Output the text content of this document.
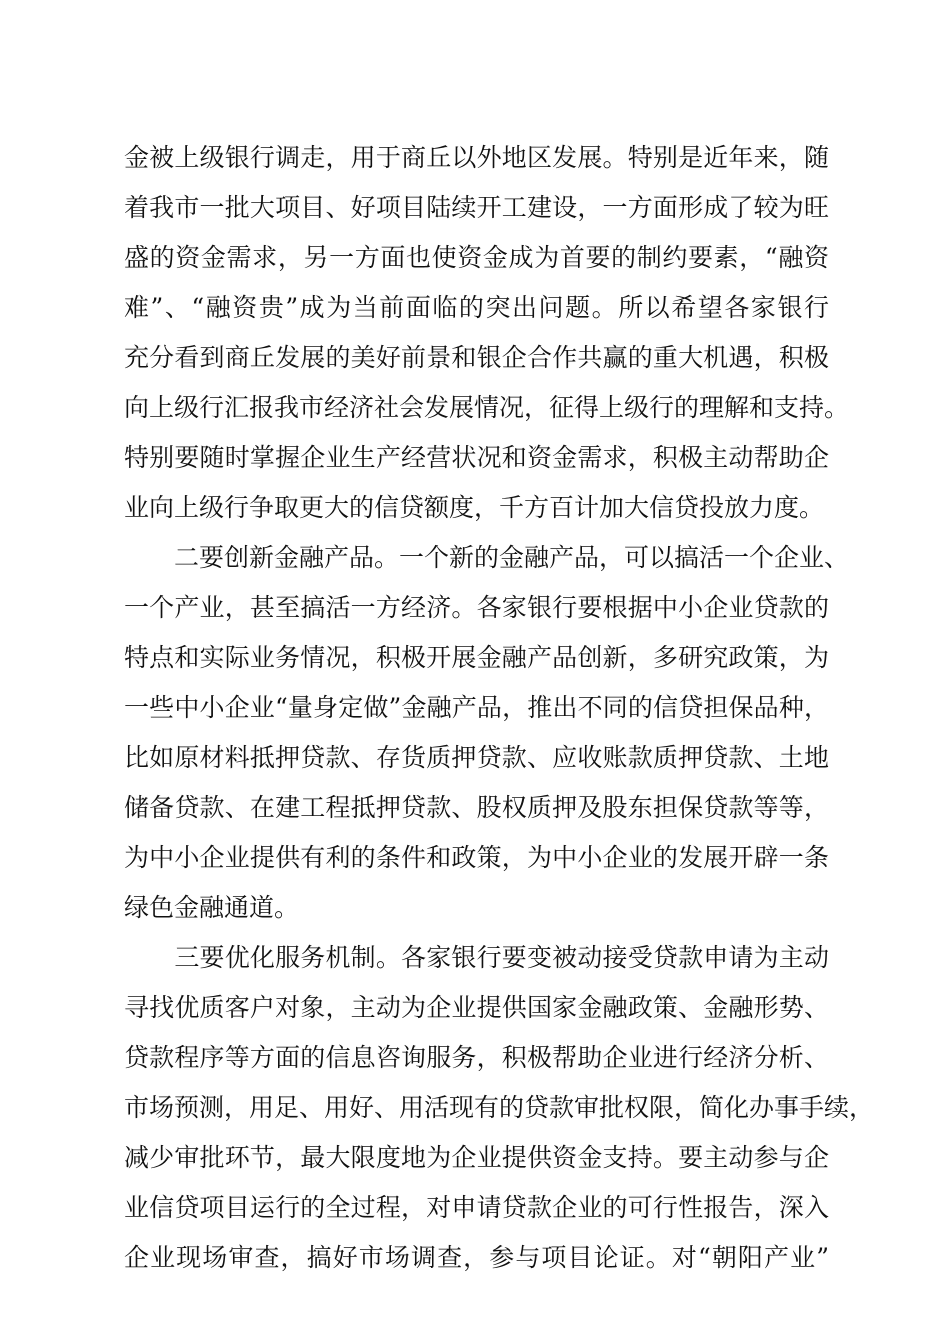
金被上级银行调走，用于商丘以外地区发展。特别是近年来，随
着我市一批大项目、好项目陆续开工建设，一方面形成了较为旺
盛的资金需求，另一方面也使资金成为首要的制约要素，“融资
难”、“融资贵”成为当前面临的突出问题。所以希望各家银行
充分看到商丘发展的美好前景和银企合作共赢的重大机遇，积极
向上级行汇报我市经济社会发展情况，征得上级行的理解和支持。
特别要随时掌握企业生产经营状况和资金需求，积极主动帮助企
业向上级行争取更大的信贷额度，千方百计加大信贷投放力度。
　　二要创新金融产品。一个新的金融产品，可以搞活一个企业、
一个产业，甚至搞活一方经济。各家银行要根据中小企业贷款的
特点和实际业务情况，积极开展金融产品创新，多研究政策，为
一些中小企业“量身定做”金融产品，推出不同的信贷担保品种，
比如原材料抵押贷款、存货质押贷款、应收账款质押贷款、土地
储备贷款、在建工程抵押贷款、股权质押及股东担保贷款等等，
为中小企业提供有利的条件和政策，为中小企业的发展开辟一条
绿色金融通道。
　　三要优化服务机制。各家银行要变被动接受贷款申请为主动
寻找优质客户对象，主动为企业提供国家金融政策、金融形势、
贷款程序等方面的信息咨询服务，积极帮助企业进行经济分析、
市场预测，用足、用好、用活现有的贷款审批权限，简化办事手续，
减少审批环节，最大限度地为企业提供资金支持。要主动参与企
业信贷项目运行的全过程，对申请贷款企业的可行性报告，深入
企业现场审查，搞好市场调查，参与项目论证。对“朝阳产业”
